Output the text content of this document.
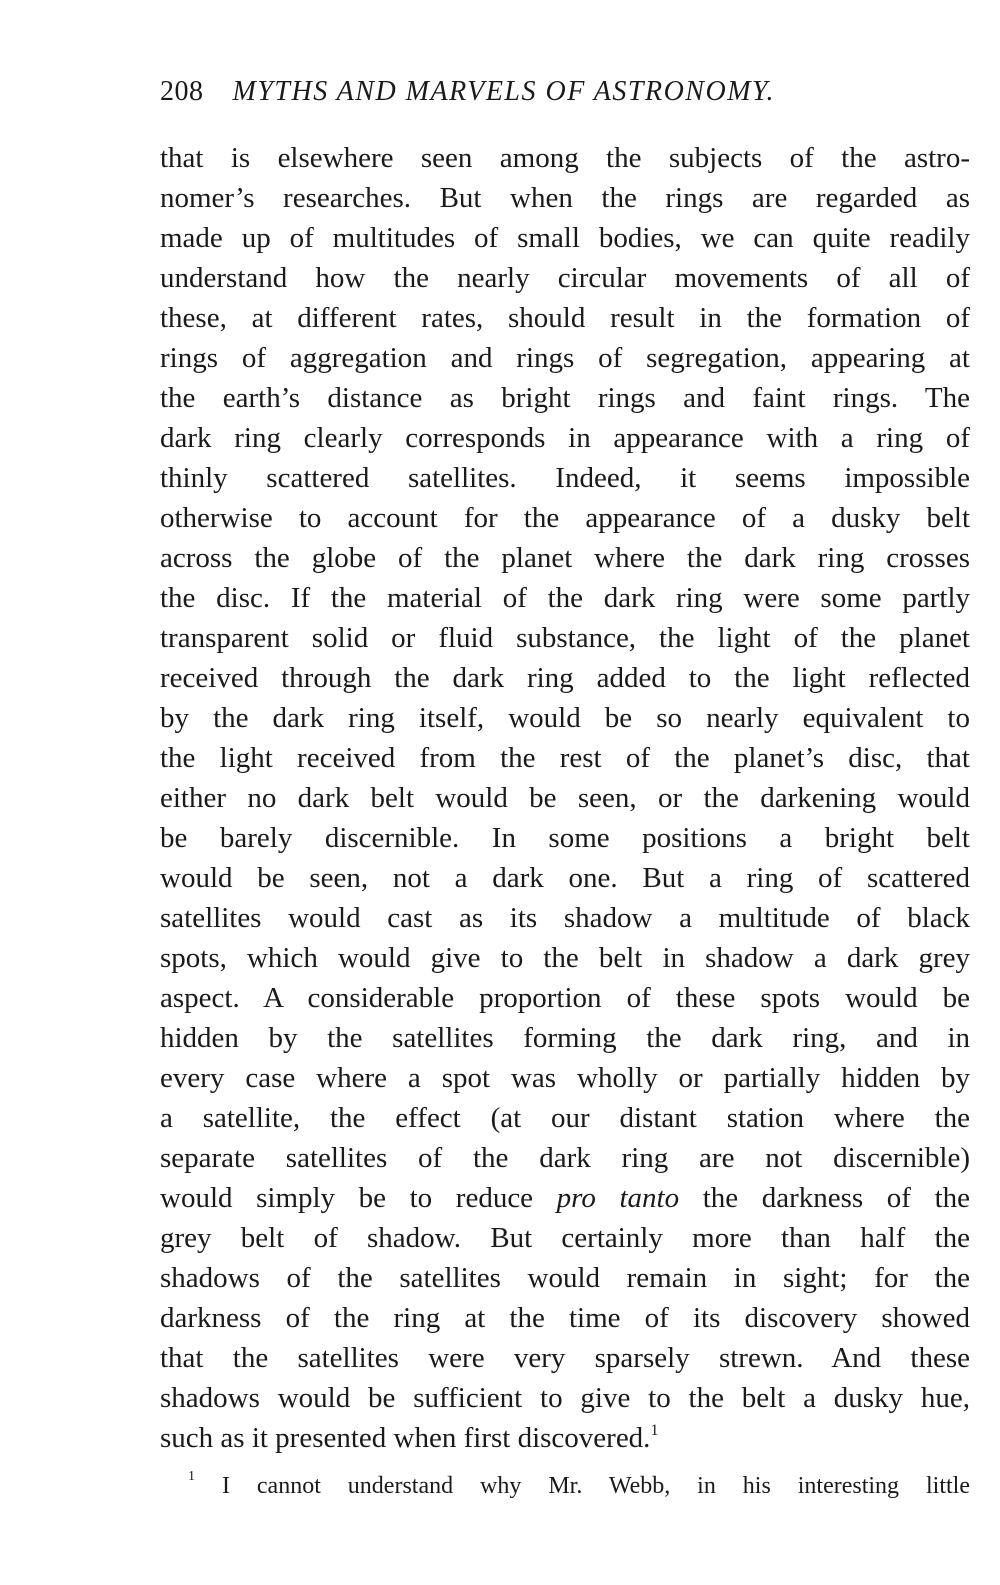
208 MYTHS AND MARVELS OF ASTRONOMY.
that is elsewhere seen among the subjects of the astro-
nomer’s researches. But when the rings are regarded as
made up of multitudes of small bodies, we can quite readily
understand how the nearly circular movements of all of
these, at different rates, should result in the formation of
rings of aggregation and rings of segregation, appearing at
the earth’s distance as bright rings and faint rings. The
dark ring clearly corresponds in appearance with a ring of
thinly scattered satellites. Indeed, it seems impossible
otherwise to account for the appearance of a dusky belt
across the globe of the planet where the dark ring crosses
the disc. If the material of the dark ring were some partly
transparent solid or fluid substance, the light of the planet
received through the dark ring added to the light reflected
by the dark ring itself, would be so nearly equivalent to
the light received from the rest of the planet’s disc, that
either no dark belt would be seen, or the darkening would
be barely discernible. In some positions a bright belt
would be seen, not a dark one. But a ring of scattered
satellites would cast as its shadow a multitude of black
spots, which would give to the belt in shadow a dark grey
aspect. A considerable proportion of these spots would be
hidden by the satellites forming the dark ring, and in
every case where a spot was wholly or partially hidden by
a satellite, the effect (at our distant station where the
separate satellites of the dark ring are not discernible)
would simply be to reduce pro tanto the darkness of the
grey belt of shadow. But certainly more than half the
shadows of the satellites would remain in sight; for the
darkness of the ring at the time of its discovery showed
that the satellites were very sparsely strewn. And these
shadows would be sufficient to give to the belt a dusky hue,
such as it presented when first discovered.$^1$
$^1$ I cannot understand why Mr. Webb, in his interesting little
